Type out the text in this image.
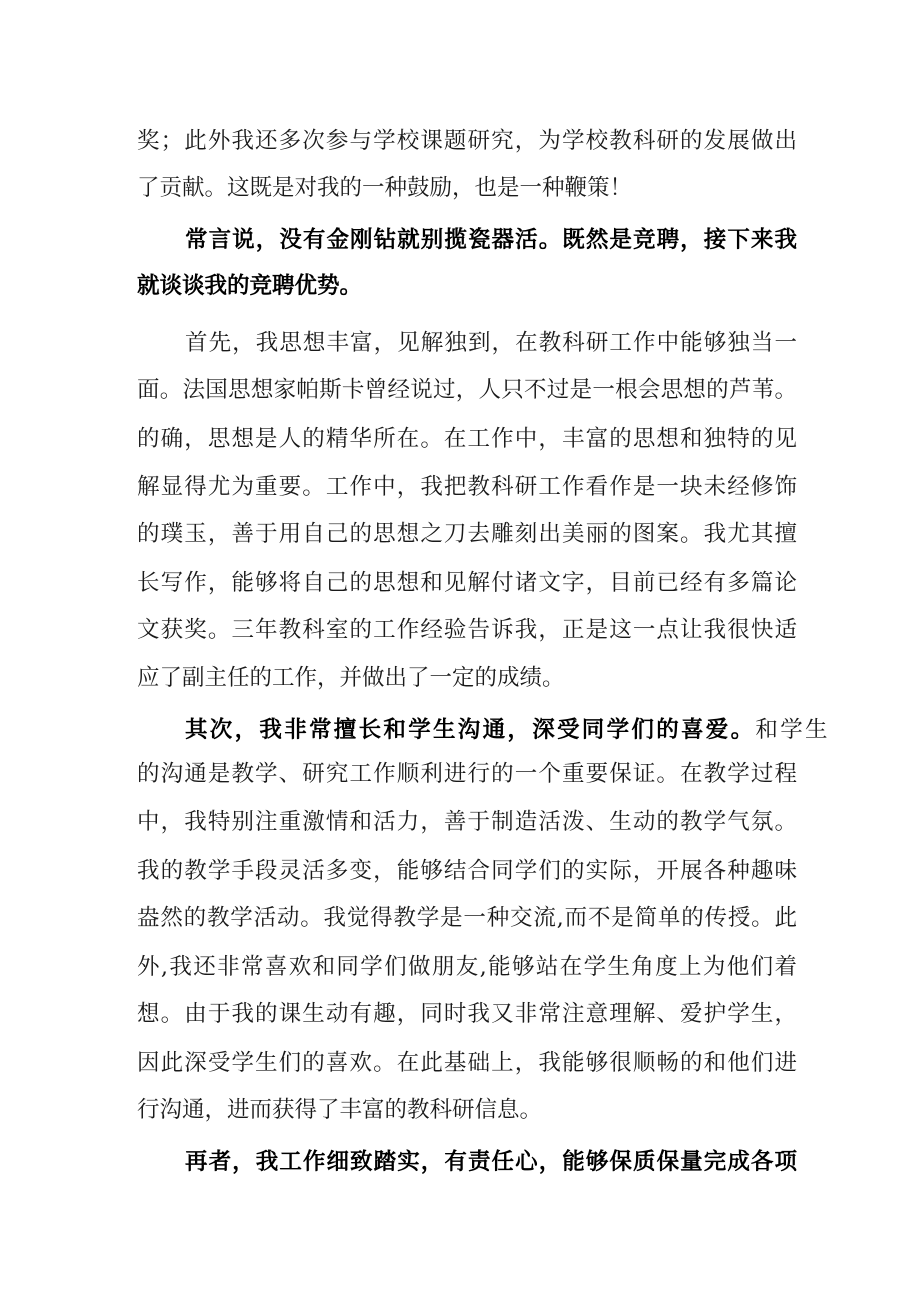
奖；此外我还多次参与学校课题研究，为学校教科研的发展做出
了贡献。这既是对我的一种鼓励，也是一种鞭策！
常言说，没有金刚钻就别揽瓷器活。既然是竞聘，接下来我
就谈谈我的竞聘优势。
首先，我思想丰富，见解独到，在教科研工作中能够独当一
面。法国思想家帕斯卡曾经说过，人只不过是一根会思想的芦苇。
的确，思想是人的精华所在。在工作中，丰富的思想和独特的见
解显得尤为重要。工作中，我把教科研工作看作是一块未经修饰
的璞玉，善于用自己的思想之刀去雕刻出美丽的图案。我尤其擅
长写作，能够将自己的思想和见解付诸文字，目前已经有多篇论
文获奖。三年教科室的工作经验告诉我，正是这一点让我很快适
应了副主任的工作，并做出了一定的成绩。
其次，我非常擅长和学生沟通，深受同学们的喜爱。 和学生
的沟通是教学、研究工作顺利进行的一个重要保证。在教学过程
中，我特别注重激情和活力，善于制造活泼、生动的教学气氛。
我的教学手段灵活多变，能够结合同学们的实际，开展各种趣味
盎然的教学活动。我觉得教学是一种交流,而不是简单的传授。此
外,我还非常喜欢和同学们做朋友,能够站在学生角度上为他们着
想。由于我的课生动有趣，同时我又非常注意理解、爱护学生，
因此深受学生们的喜欢。在此基础上，我能够很顺畅的和他们进
行沟通，进而获得了丰富的教科研信息。
再者，我工作细致踏实，有责任心，能够保质保量完成各项
